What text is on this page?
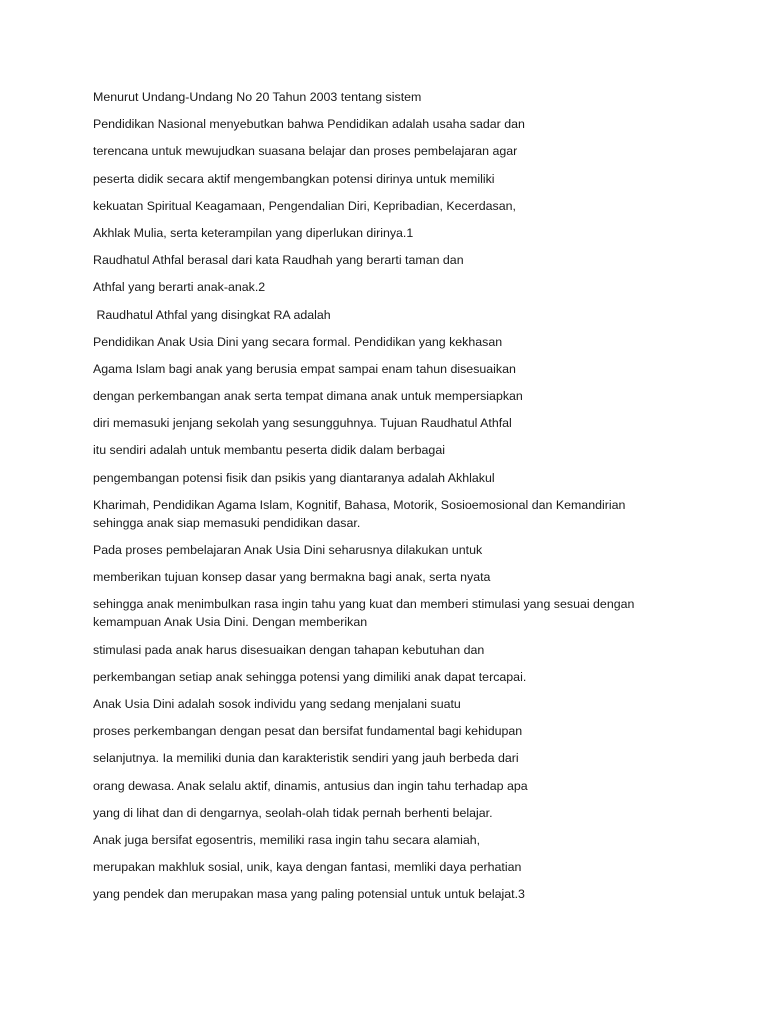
Menurut Undang-Undang No 20 Tahun 2003 tentang sistem

Pendidikan Nasional menyebutkan bahwa Pendidikan adalah usaha sadar dan

terencana untuk mewujudkan suasana belajar dan proses pembelajaran agar

peserta didik secara aktif mengembangkan potensi dirinya untuk memiliki

kekuatan Spiritual Keagamaan, Pengendalian Diri, Kepribadian, Kecerdasan,

Akhlak Mulia, serta keterampilan yang diperlukan dirinya.1

Raudhatul Athfal berasal dari kata Raudhah yang berarti taman dan

Athfal yang berarti anak-anak.2

Raudhatul Athfal yang disingkat RA adalah

Pendidikan Anak Usia Dini yang secara formal. Pendidikan yang kekhasan

Agama Islam bagi anak yang berusia empat sampai enam tahun disesuaikan

dengan perkembangan anak serta tempat dimana anak untuk mempersiapkan

diri memasuki jenjang sekolah yang sesungguhnya. Tujuan Raudhatul Athfal

itu sendiri adalah untuk membantu peserta didik dalam berbagai

pengembangan potensi fisik dan psikis yang diantaranya adalah Akhlakul

Kharimah, Pendidikan Agama Islam, Kognitif, Bahasa, Motorik, Sosioemosional dan Kemandirian sehingga anak siap memasuki pendidikan dasar.

Pada proses pembelajaran Anak Usia Dini seharusnya dilakukan untuk

memberikan tujuan konsep dasar yang bermakna bagi anak, serta nyata

sehingga anak menimbulkan rasa ingin tahu yang kuat dan memberi stimulasi yang sesuai dengan kemampuan Anak Usia Dini. Dengan memberikan

stimulasi pada anak harus disesuaikan dengan tahapan kebutuhan dan

perkembangan setiap anak sehingga potensi yang dimiliki anak dapat tercapai.

Anak Usia Dini adalah sosok individu yang sedang menjalani suatu

proses perkembangan dengan pesat dan bersifat fundamental bagi kehidupan

selanjutnya. Ia memiliki dunia dan karakteristik sendiri yang jauh berbeda dari

orang dewasa. Anak selalu aktif, dinamis, antusius dan ingin tahu terhadap apa

yang di lihat dan di dengarnya, seolah-olah tidak pernah berhenti belajar.

Anak juga bersifat egosentris, memiliki rasa ingin tahu secara alamiah,

merupakan makhluk sosial, unik, kaya dengan fantasi, memliki daya perhatian

yang pendek dan merupakan masa yang paling potensial untuk untuk belajat.3
